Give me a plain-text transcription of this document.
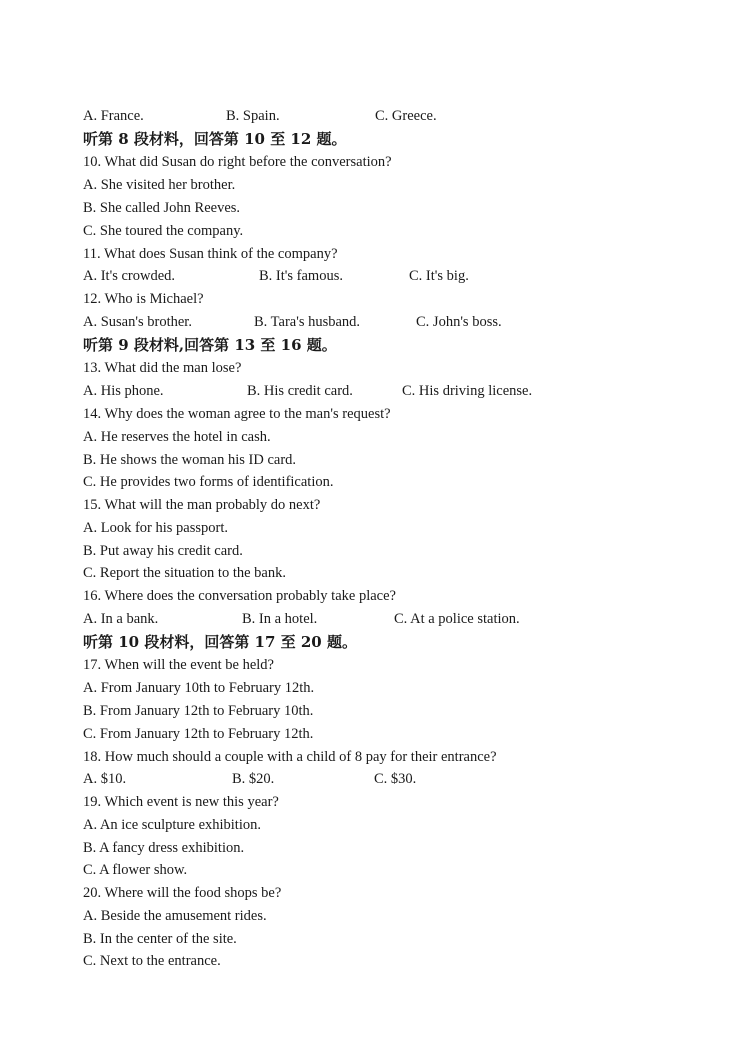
A. France.	B. Spain.	C. Greece.
听第 8 段材料，回答第 10 至 12 题。
10. What did Susan do right before the conversation?
A. She visited her brother.
B. She called John Reeves.
C. She toured the company.
11. What does Susan think of the company?
A. It's crowded.	B. It's famous.	C. It's big.
12. Who is Michael?
A. Susan's brother.	B. Tara's husband.	C. John's boss.
听第 9 段材料,回答第 13 至 16 题。
13. What did the man lose?
A. His phone.	B. His credit card.	C. His driving license.
14. Why does the woman agree to the man's request?
A. He reserves the hotel in cash.
B. He shows the woman his ID card.
C. He provides two forms of identification.
15. What will the man probably do next?
A. Look for his passport.
B. Put away his credit card.
C. Report the situation to the bank.
16. Where does the conversation probably take place?
A. In a bank.	B. In a hotel.	C. At a police station.
听第 10 段材料，回答第 17 至 20 题。
17. When will the event be held?
A. From January 10th to February 12th.
B. From January 12th to February 10th.
C. From January 12th to February 12th.
18. How much should a couple with a child of 8 pay for their entrance?
A. $10.	B. $20.	C. $30.
19. Which event is new this year?
A. An ice sculpture exhibition.
B. A fancy dress exhibition.
C. A flower show.
20. Where will the food shops be?
A. Beside the amusement rides.
B. In the center of the site.
C. Next to the entrance.
